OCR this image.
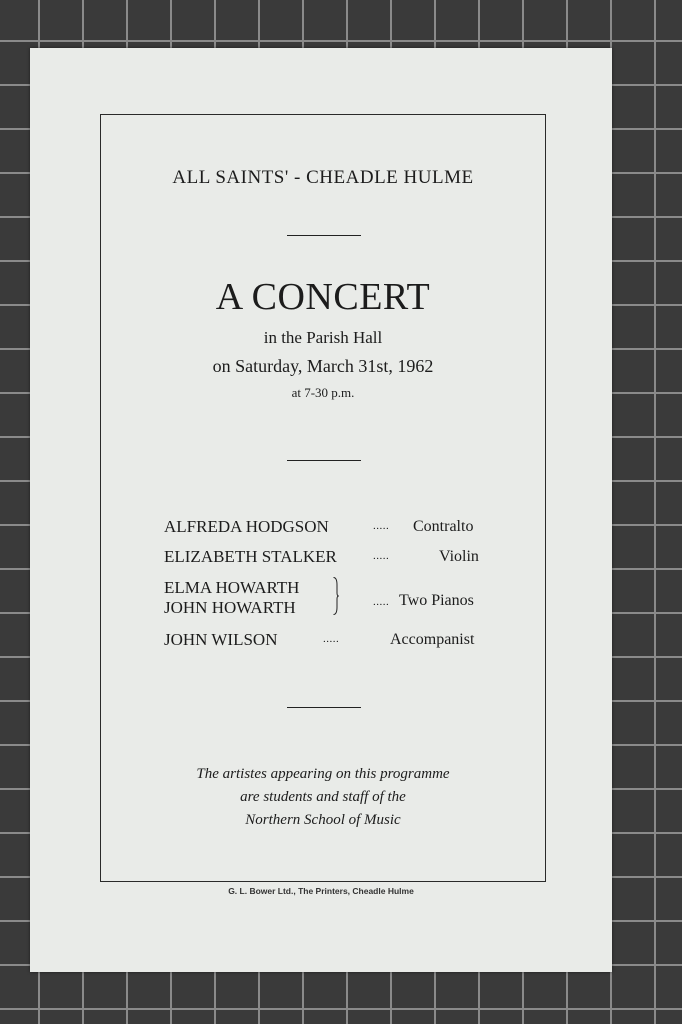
ALL SAINTS' - CHEADLE HULME
A CONCERT
in the Parish Hall
on Saturday, March 31st, 1962
at 7-30 p.m.
ALFREDA HODGSON	..... Contralto
ELIZABETH STALKER	.....	Violin
ELMA HOWARTH
JOHN HOWARTH	..... Two Pianos
JOHN WILSON	.....	Accompanist
The artistes appearing on this programme
are students and staff of the
Northern School of Music
G. L. Bower Ltd., The Printers, Cheadle Hulme
